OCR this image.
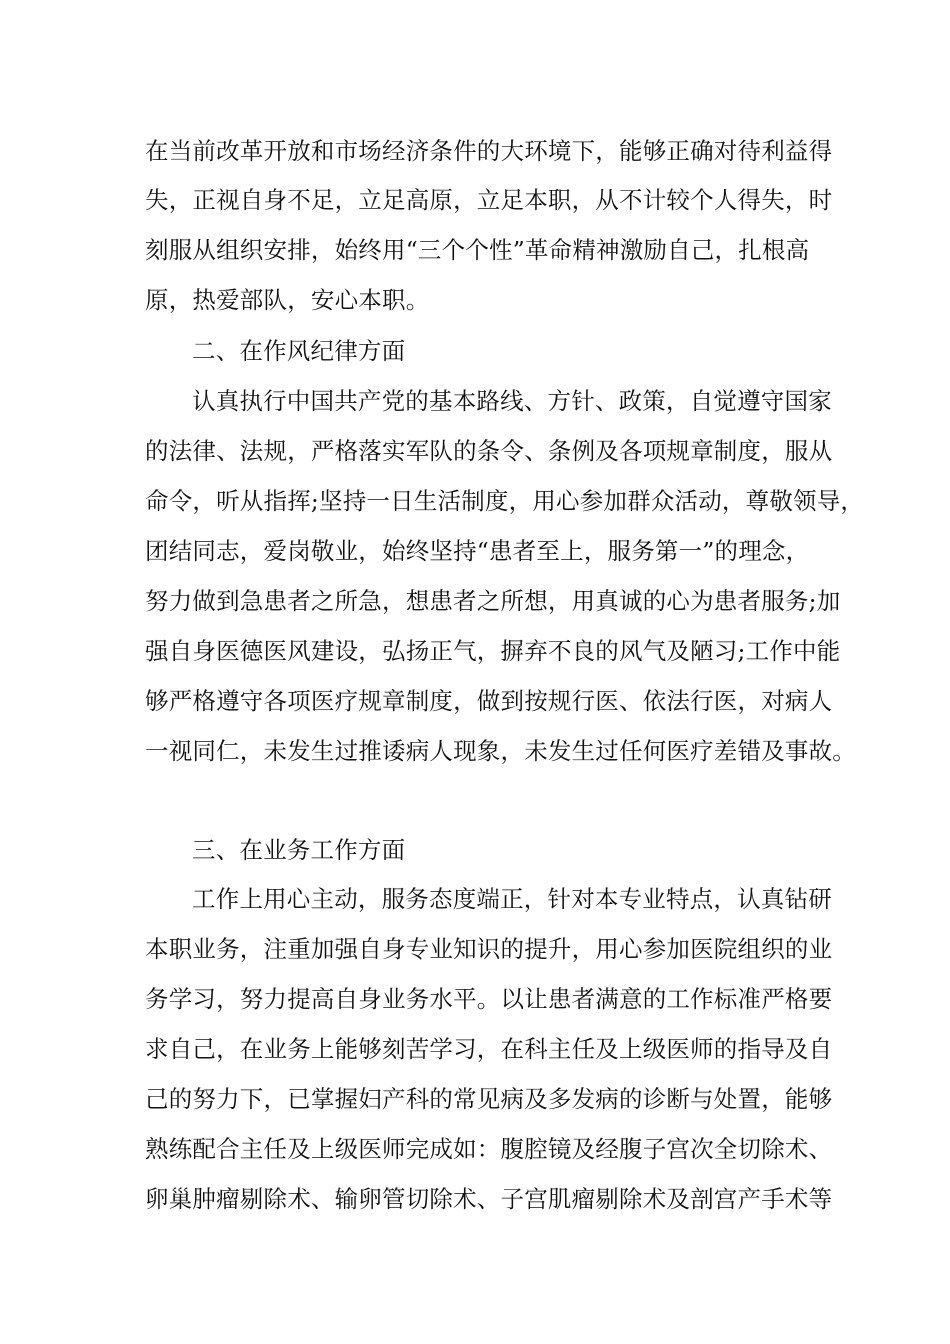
在当前改革开放和市场经济条件的大环境下，能够正确对待利益得
失，正视自身不足，立足高原，立足本职，从不计较个人得失，时
刻服从组织安排，始终用“三个个性”革命精神激励自己，扎根高
原，热爱部队，安心本职。
二、在作风纪律方面
认真执行中国共产党的基本路线、方针、政策，自觉遵守国家
的法律、法规，严格落实军队的条令、条例及各项规章制度，服从
命令，听从指挥;坚持一日生活制度，用心参加群众活动，尊敬领导，
团结同志，爱岗敬业，始终坚持“患者至上，服务第一”的理念，
努力做到急患者之所急，想患者之所想，用真诚的心为患者服务;加
强自身医德医风建设，弘扬正气，摒弃不良的风气及陋习;工作中能
够严格遵守各项医疗规章制度，做到按规行医、依法行医，对病人
一视同仁，未发生过推诿病人现象，未发生过任何医疗差错及事故。
三、在业务工作方面
工作上用心主动，服务态度端正，针对本专业特点，认真钻研
本职业务，注重加强自身专业知识的提升，用心参加医院组织的业
务学习，努力提高自身业务水平。以让患者满意的工作标准严格要
求自己，在业务上能够刻苦学习，在科主任及上级医师的指导及自
己的努力下，已掌握妇产科的常见病及多发病的诊断与处置，能够
熟练配合主任及上级医师完成如：腹腔镜及经腹子宫次全切除术、
卵巢肿瘤剔除术、输卵管切除术、子宫肌瘤剔除术及剖宫产手术等
